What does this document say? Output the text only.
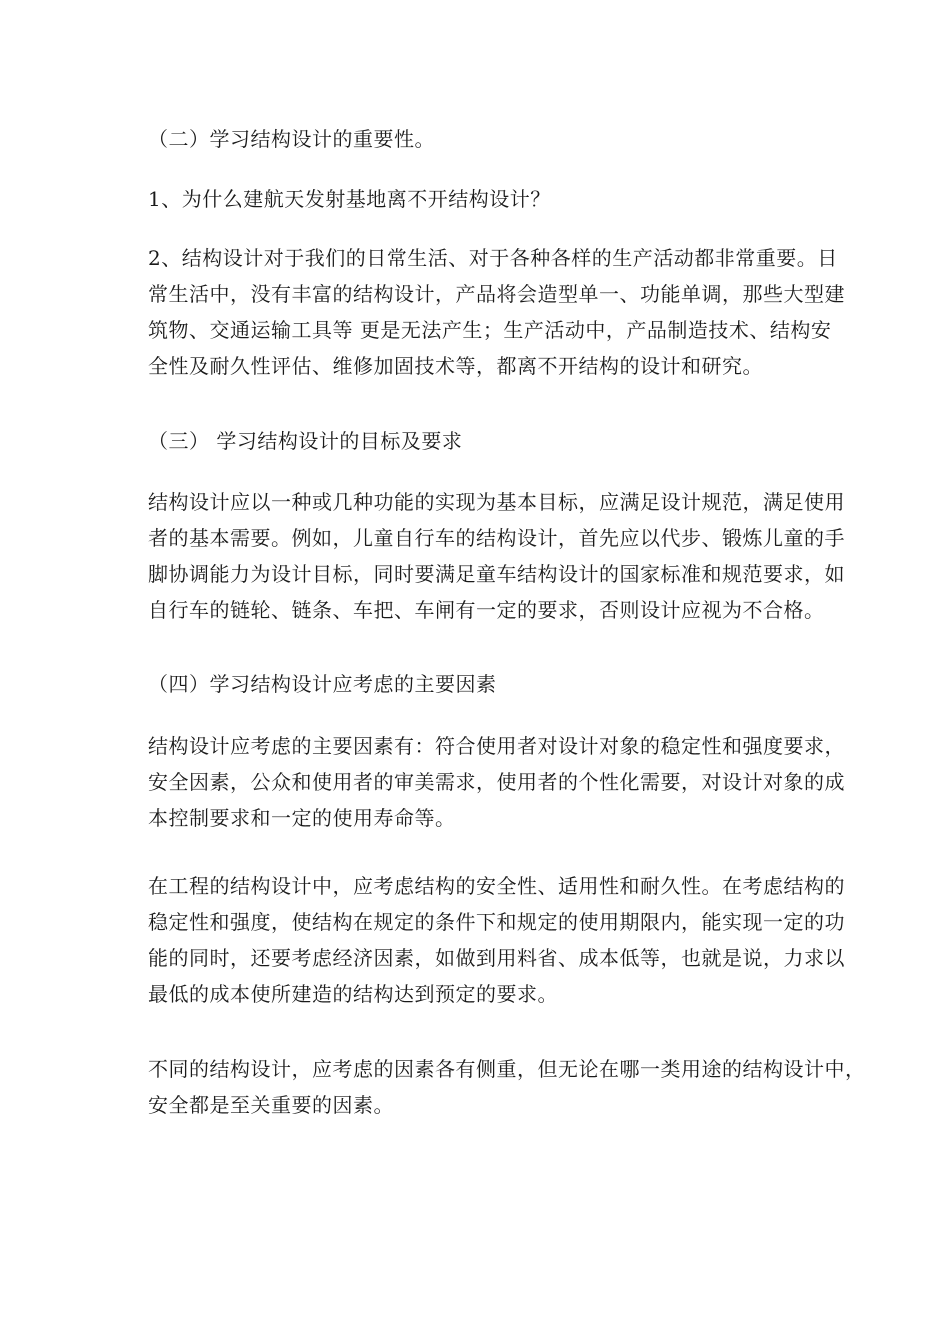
（二）学习结构设计的重要性。

1、为什么建航天发射基地离不开结构设计？

2、结构设计对于我们的日常生活、对于各种各样的生产活动都非常重要。日

常生活中，没有丰富的结构设计，产品将会造型单一、功能单调，那些大型建

筑物、交通运输工具等 更是无法产生；生产活动中，产品制造技术、结构安

全性及耐久性评估、维修加固技术等，都离不开结构的设计和研究。

（三） 学习结构设计的目标及要求

结构设计应以一种或几种功能的实现为基本目标，应满足设计规范，满足使用

者的基本需要。例如，儿童自行车的结构设计，首先应以代步、锻炼儿童的手

脚协调能力为设计目标，同时要满足童车结构设计的国家标准和规范要求，如

自行车的链轮、链条、车把、车闸有一定的要求，否则设计应视为不合格。

（四）学习结构设计应考虑的主要因素

结构设计应考虑的主要因素有：符合使用者对设计对象的稳定性和强度要求，

安全因素，公众和使用者的审美需求，使用者的个性化需要，对设计对象的成

本控制要求和一定的使用寿命等。

在工程的结构设计中，应考虑结构的安全性、适用性和耐久性。在考虑结构的

稳定性和强度，使结构在规定的条件下和规定的使用期限内，能实现一定的功

能的同时，还要考虑经济因素，如做到用料省、成本低等，也就是说，力求以

最低的成本使所建造的结构达到预定的要求。

不同的结构设计，应考虑的因素各有侧重，但无论在哪一类用途的结构设计中，

安全都是至关重要的因素。
